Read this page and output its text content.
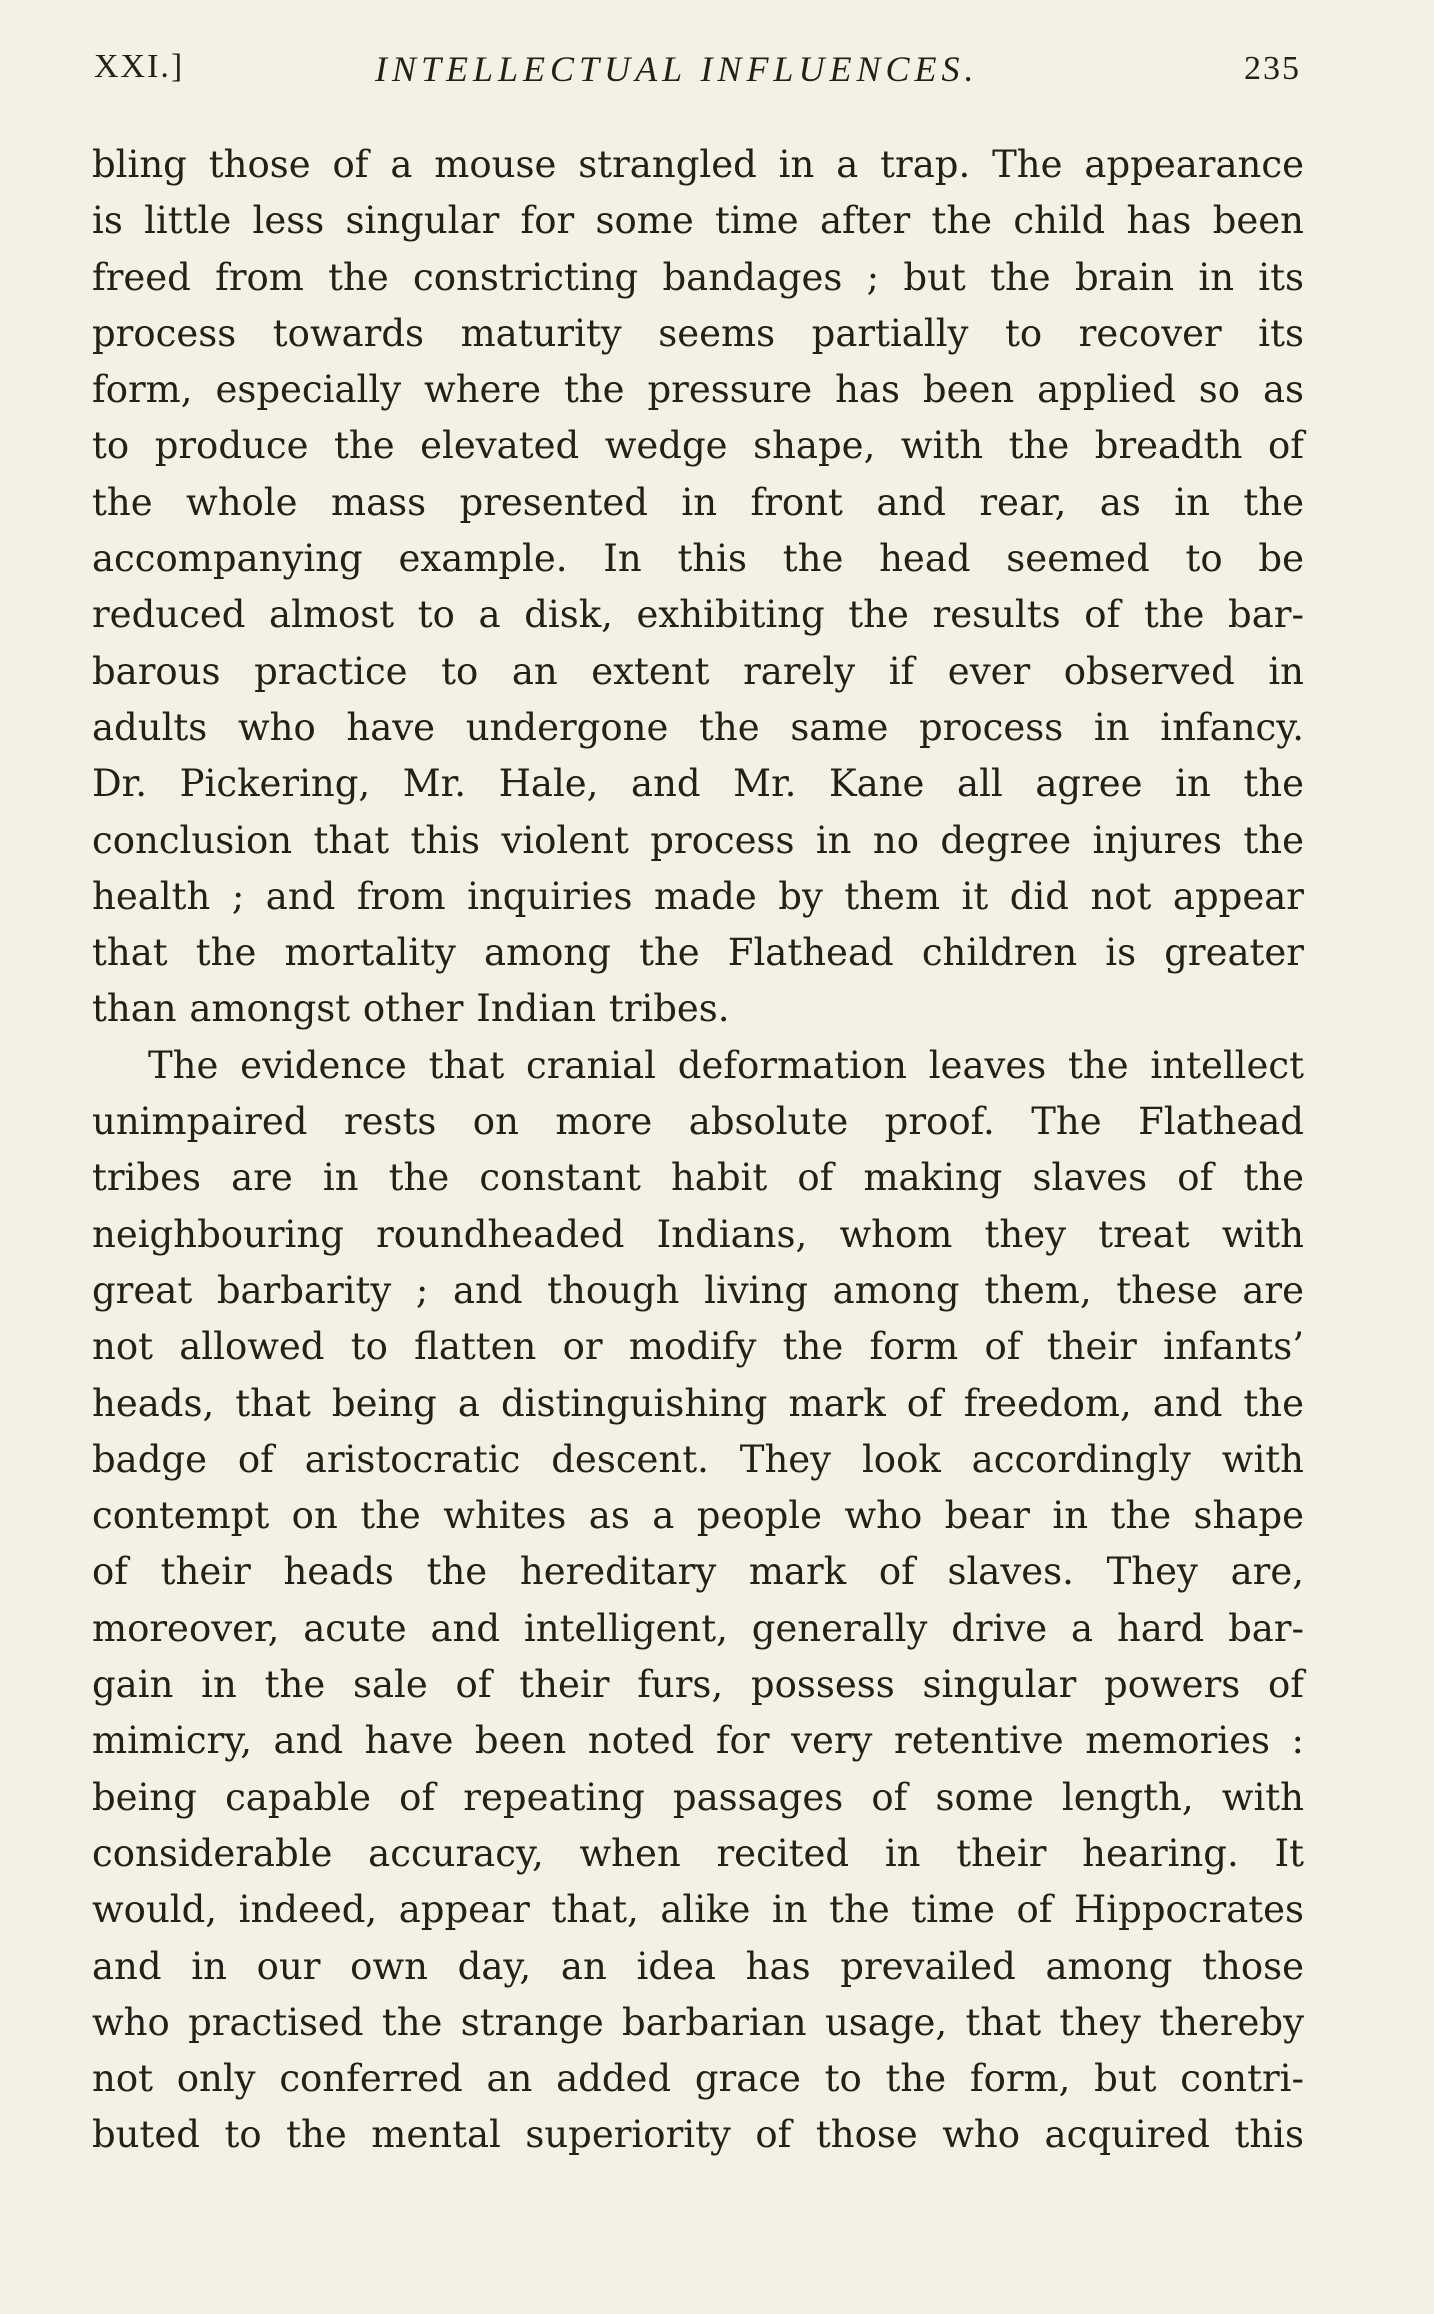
XXI.]	INTELLECTUAL INFLUENCES.	235
bling those of a mouse strangled in a trap. The appearance
is little less singular for some time after the child has been
freed from the constricting bandages ; but the brain in its
process towards maturity seems partially to recover its
form, especially where the pressure has been applied so as
to produce the elevated wedge shape, with the breadth of
the whole mass presented in front and rear, as in the
accompanying example. In this the head seemed to be
reduced almost to a disk, exhibiting the results of the bar-
barous practice to an extent rarely if ever observed in
adults who have undergone the same process in infancy.
Dr. Pickering, Mr. Hale, and Mr. Kane all agree in the
conclusion that this violent process in no degree injures the
health ; and from inquiries made by them it did not appear
that the mortality among the Flathead children is greater
than amongst other Indian tribes.
The evidence that cranial deformation leaves the intellect
unimpaired rests on more absolute proof. The Flathead
tribes are in the constant habit of making slaves of the
neighbouring roundheaded Indians, whom they treat with
great barbarity ; and though living among them, these are
not allowed to flatten or modify the form of their infants’
heads, that being a distinguishing mark of freedom, and the
badge of aristocratic descent. They look accordingly with
contempt on the whites as a people who bear in the shape
of their heads the hereditary mark of slaves. They are,
moreover, acute and intelligent, generally drive a hard bar-
gain in the sale of their furs, possess singular powers of
mimicry, and have been noted for very retentive memories :
being capable of repeating passages of some length, with
considerable accuracy, when recited in their hearing. It
would, indeed, appear that, alike in the time of Hippocrates
and in our own day, an idea has prevailed among those
who practised the strange barbarian usage, that they thereby
not only conferred an added grace to the form, but contri-
buted to the mental superiority of those who acquired this
